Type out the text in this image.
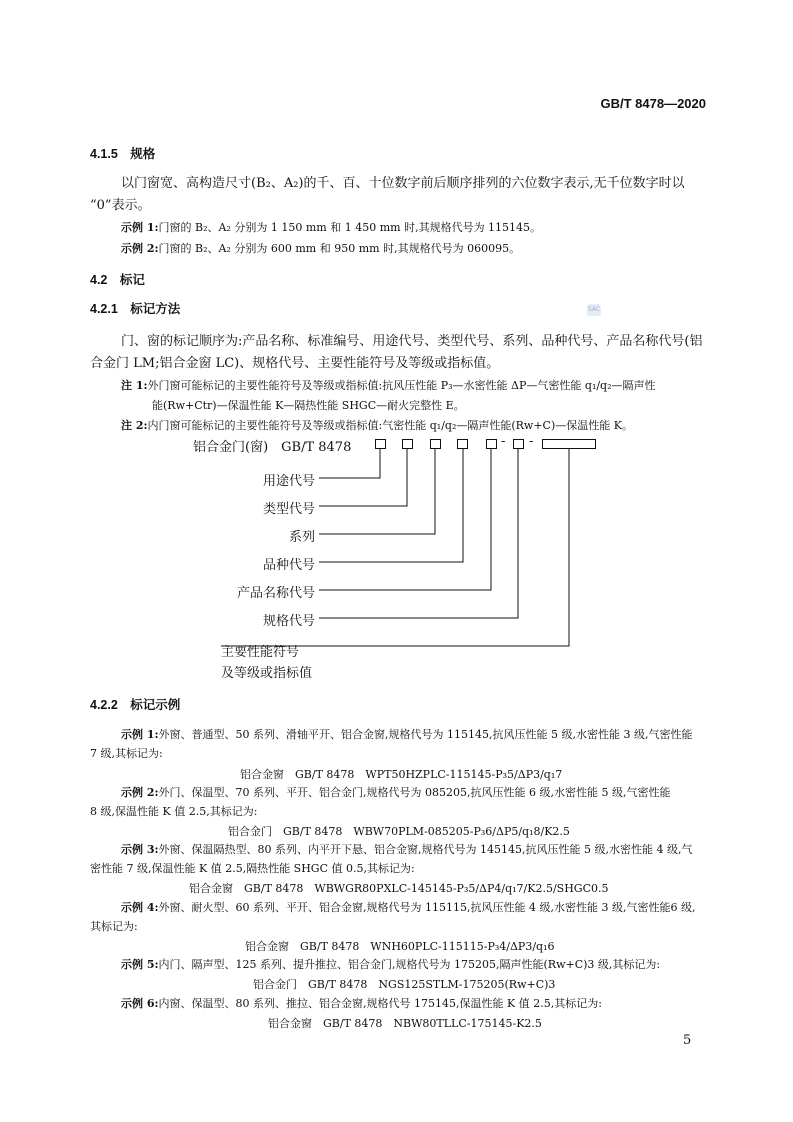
GB/T 8478—2020
4.1.5　规格
以门窗宽、高构造尺寸(B₂、A₂)的千、百、十位数字前后顺序排列的六位数字表示,无千位数字时以
“0”表示。
示例 1:门窗的 B₂、A₂ 分别为 1 150 mm 和 1 450 mm 时,其规格代号为 115145。
示例 2:门窗的 B₂、A₂ 分别为 600 mm 和 950 mm 时,其规格代号为 060095。
4.2　标记
4.2.1　标记方法	SAC
门、窗的标记顺序为:产品名称、标准编号、用途代号、类型代号、系列、品种代号、产品名称代号(铝
合金门 LM;铝合金窗 LC)、规格代号、主要性能符号及等级或指标值。
注 1:外门窗可能标记的主要性能符号及等级或指标值:抗风压性能 P₃—水密性能 ΔP—气密性能 q₁/q₂—隔声性
能(Rw+Ctr)—保温性能 K—隔热性能 SHGC—耐火完整性 E。
注 2:内门窗可能标记的主要性能符号及等级或指标值:气密性能 q₁/q₂—隔声性能(Rw+C)—保温性能 K。
铝合金门(窗)　GB/T 8478	- -
用途代号
类型代号
系列
品种代号
产品名称代号
规格代号
主要性能符号
及等级或指标值
4.2.2　标记示例
示例 1:外窗、普通型、50 系列、滑轴平开、铝合金窗,规格代号为 115145,抗风压性能 5 级,水密性能 3 级,气密性能
7 级,其标记为:
铝合金窗　GB/T 8478　WPT50HZPLC-115145-P₃5/ΔP3/q₁7
示例 2:外门、保温型、70 系列、平开、铝合金门,规格代号为 085205,抗风压性能 6 级,水密性能 5 级,气密性能
8 级,保温性能 K 值 2.5,其标记为:
铝合金门　GB/T 8478　WBW70PLM-085205-P₃6/ΔP5/q₁8/K2.5
示例 3:外窗、保温隔热型、80 系列、内平开下悬、铝合金窗,规格代号为 145145,抗风压性能 5 级,水密性能 4 级,气
密性能 7 级,保温性能 K 值 2.5,隔热性能 SHGC 值 0.5,其标记为:
铝合金窗　GB/T 8478　WBWGR80PXLC-145145-P₃5/ΔP4/q₁7/K2.5/SHGC0.5
示例 4:外窗、耐火型、60 系列、平开、铝合金窗,规格代号为 115115,抗风压性能 4 级,水密性能 3 级,气密性能6 级,
其标记为:
铝合金窗　GB/T 8478　WNH60PLC-115115-P₃4/ΔP3/q₁6
示例 5:内门、隔声型、125 系列、提升推拉、铝合金门,规格代号为 175205,隔声性能(Rw+C)3 级,其标记为:
铝合金门　GB/T 8478　NGS125STLM-175205(Rw+C)3
示例 6:内窗、保温型、80 系列、推拉、铝合金窗,规格代号 175145,保温性能 K 值 2.5,其标记为:
铝合金窗　GB/T 8478　NBW80TLLC-175145-K2.5
5
